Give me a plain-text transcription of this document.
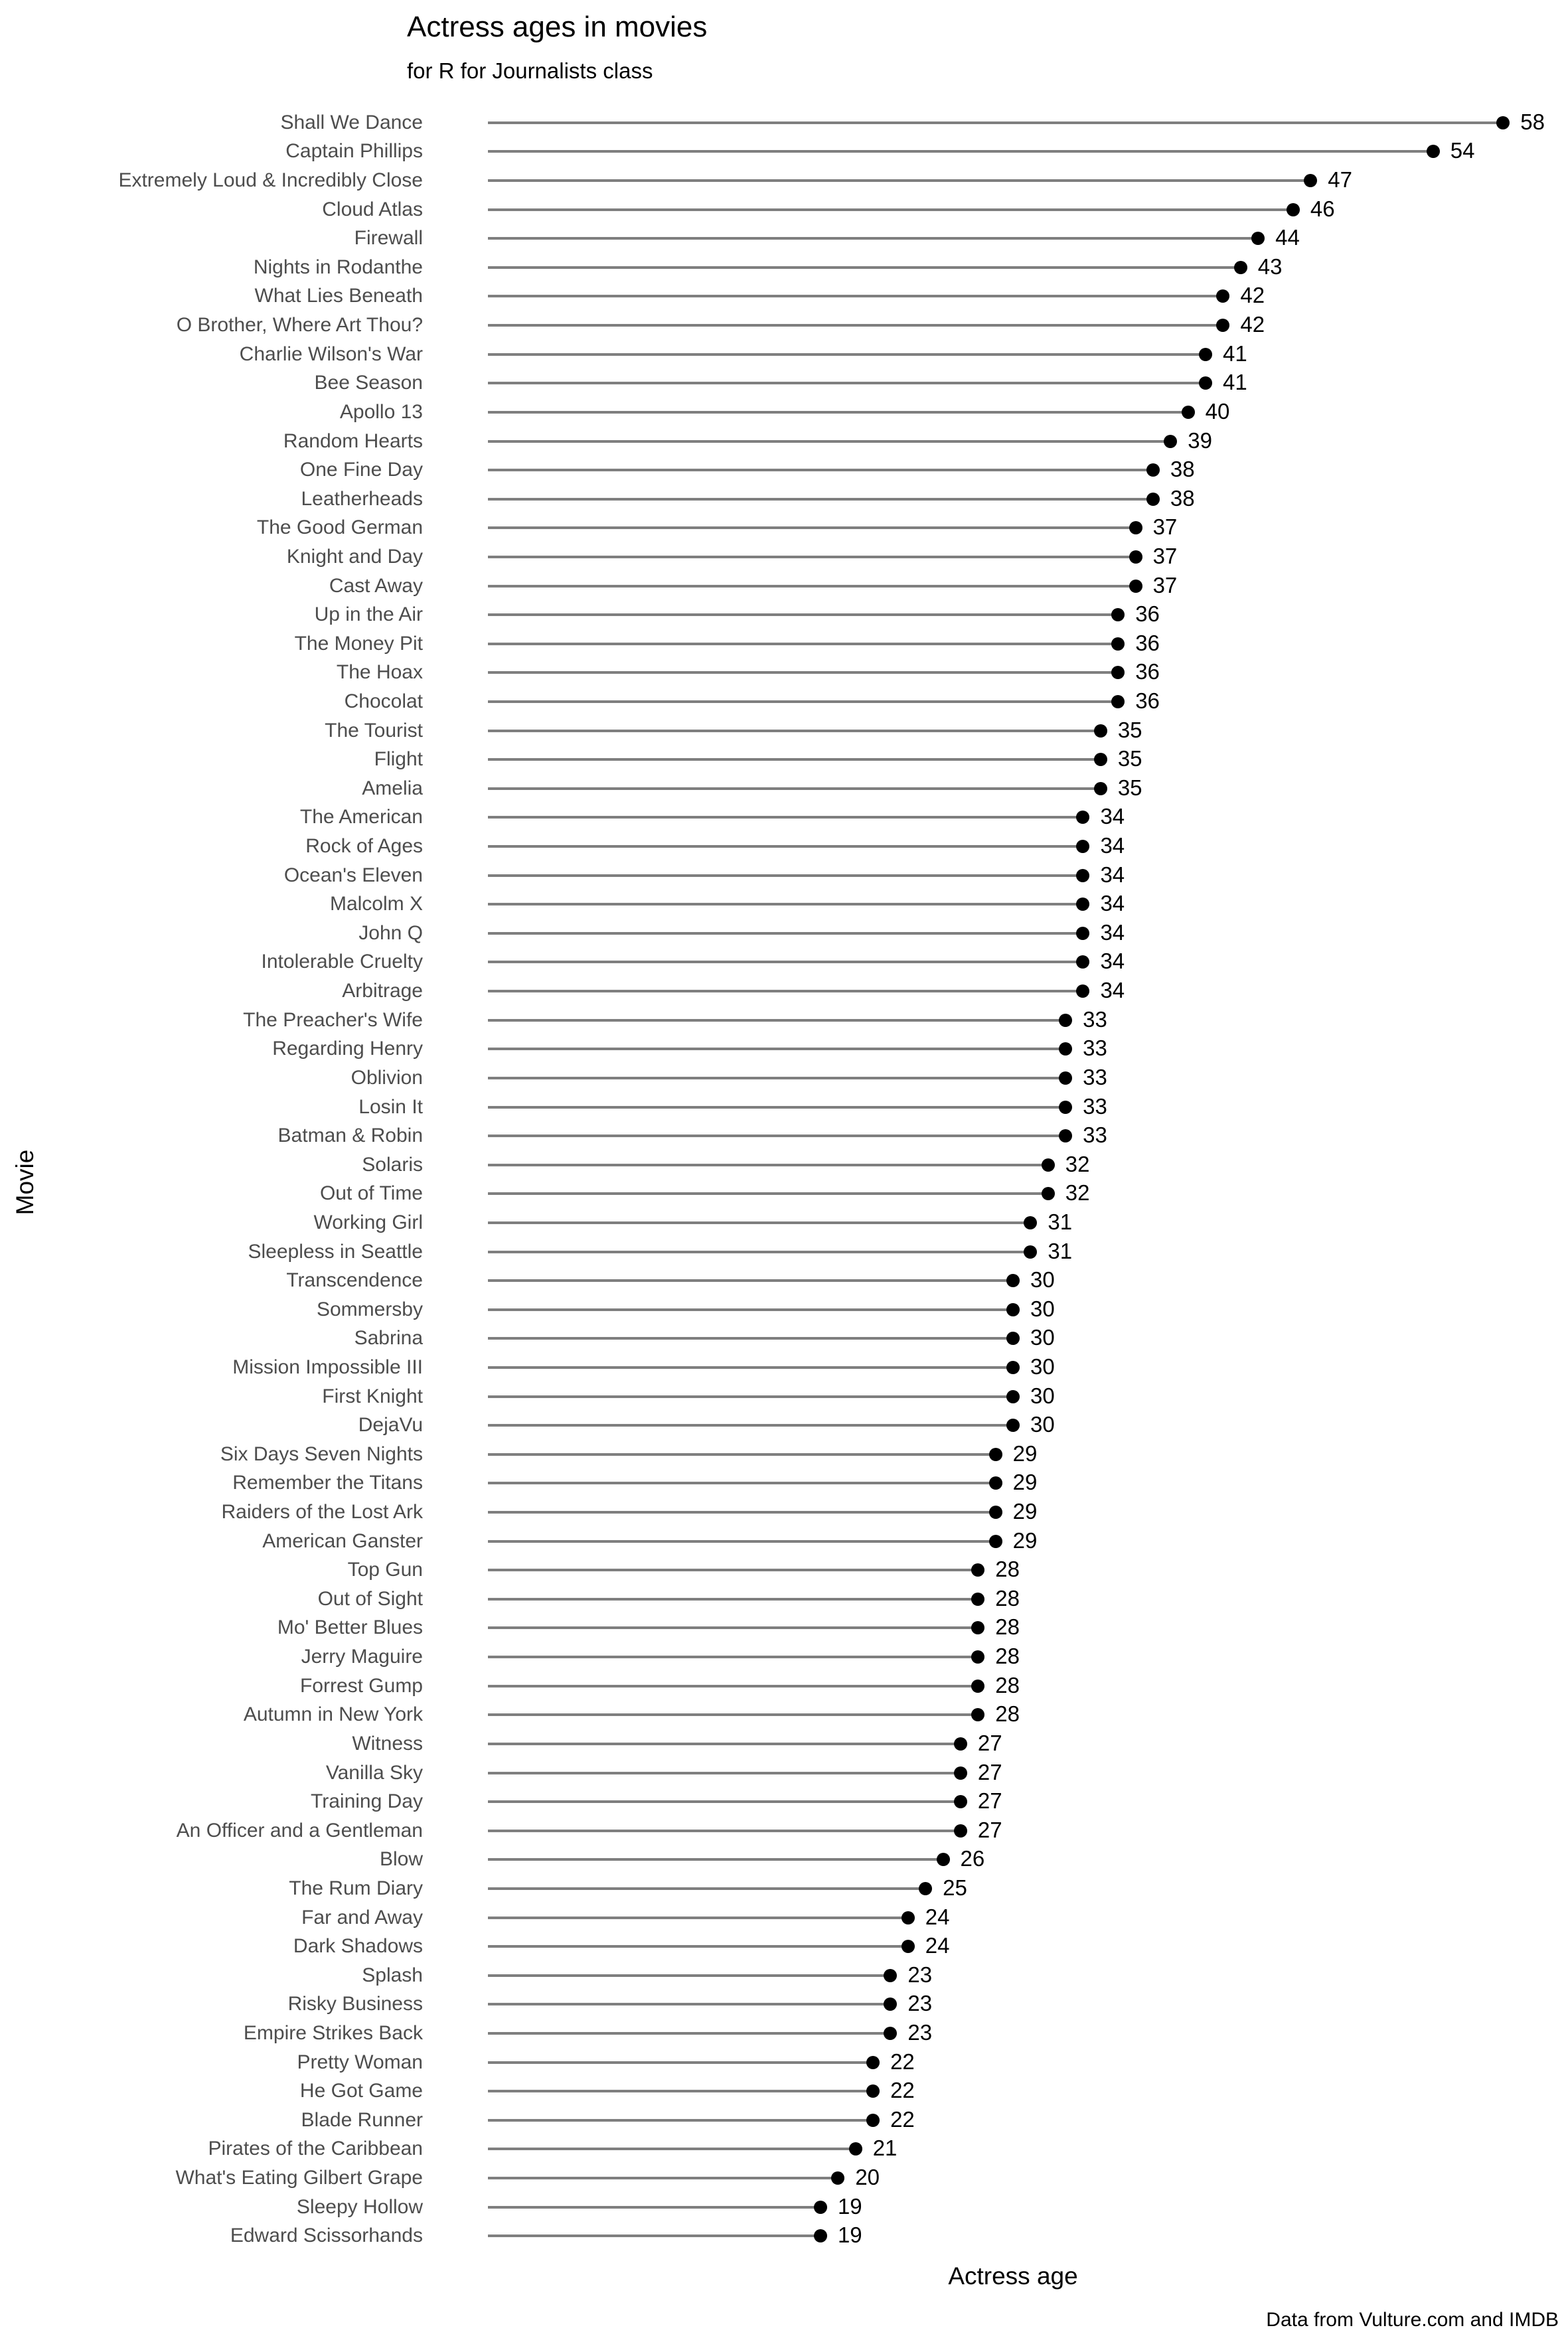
Actress ages in movies
for R for Journalists class
Movie
Shall We Dance	58
Captain Phillips	54
Extremely Loud & Incredibly Close	47
Cloud Atlas	46
Firewall	44
Nights in Rodanthe	43
What Lies Beneath	42
O Brother, Where Art Thou?	42
Charlie Wilson's War	41
Bee Season	41
Apollo 13	40
Random Hearts	39
One Fine Day	38
Leatherheads	38
The Good German	37
Knight and Day	37
Cast Away	37
Up in the Air	36
The Money Pit	36
The Hoax	36
Chocolat	36
The Tourist	35
Flight	35
Amelia	35
The American	34
Rock of Ages	34
Ocean's Eleven	34
Malcolm X	34
John Q	34
Intolerable Cruelty	34
Arbitrage	34
The Preacher's Wife	33
Regarding Henry	33
Oblivion	33
Losin It	33
Batman & Robin	33
Solaris	32
Out of Time	32
Working Girl	31
Sleepless in Seattle	31
Transcendence	30
Sommersby	30
Sabrina	30
Mission Impossible III	30
First Knight	30
DejaVu	30
Six Days Seven Nights	29
Remember the Titans	29
Raiders of the Lost Ark	29
American Ganster	29
Top Gun	28
Out of Sight	28
Mo' Better Blues	28
Jerry Maguire	28
Forrest Gump	28
Autumn in New York	28
Witness	27
Vanilla Sky	27
Training Day	27
An Officer and a Gentleman	27
Blow	26
The Rum Diary	25
Far and Away	24
Dark Shadows	24
Splash	23
Risky Business	23
Empire Strikes Back	23
Pretty Woman	22
He Got Game	22
Blade Runner	22
Pirates of the Caribbean	21
What's Eating Gilbert Grape	20
Sleepy Hollow	19
Edward Scissorhands	19
Actress age
Data from Vulture.com and IMDB
